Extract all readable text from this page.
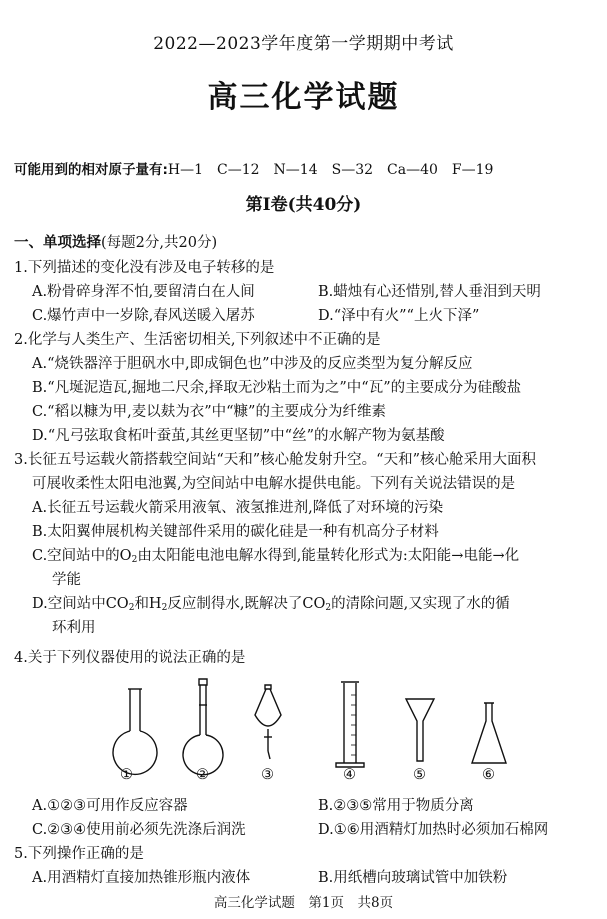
2022—2023学年度第一学期期中考试
高三化学试题
可能用到的相对原子量有:H—1　C—12　N—14　S—32　Ca—40　F—19
第Ⅰ卷(共40分)
一、单项选择(每题2分,共20分)
1.下列描述的变化没有涉及电子转移的是
A.粉骨碎身浑不怕,要留清白在人间	B.蜡烛有心还惜别,替人垂泪到天明
C.爆竹声中一岁除,春风送暖入屠苏	D.“泽中有火”“上火下泽”
2.化学与人类生产、生活密切相关,下列叙述中不正确的是
A.“烧铁器淬于胆矾水中,即成铜色也”中涉及的反应类型为复分解反应
B.“凡埏泥造瓦,掘地二尺余,择取无沙粘土而为之”中“瓦”的主要成分为硅酸盐
C.“稻以糠为甲,麦以麸为衣”中“糠”的主要成分为纤维素
D.“凡弓弦取食柘叶蚕茧,其丝更坚韧”中“丝”的水解产物为氨基酸
3.长征五号运载火箭搭载空间站“天和”核心舱发射升空。“天和”核心舱采用大面积
可展收柔性太阳电池翼,为空间站中电解水提供电能。下列有关说法错误的是
A.长征五号运载火箭采用液氧、液氢推进剂,降低了对环境的污染
B.太阳翼伸展机构关键部件采用的碳化硅是一种有机高分子材料
C.空间站中的$O_2$由太阳能电池电解水得到,能量转化形式为:太阳能→电能→化
学能
D.空间站中$CO_2$和$H_2$反应制得水,既解决了$CO_2$的清除问题,又实现了水的循
环利用
4.关于下列仪器使用的说法正确的是
①	②	③	④	⑤	⑥
A.①②③可用作反应容器	B.②③⑤常用于物质分离
C.②③④使用前必须先洗涤后润洗	D.①⑥用酒精灯加热时必须加石棉网
5.下列操作正确的是
A.用酒精灯直接加热锥形瓶内液体	B.用纸槽向玻璃试管中加铁粉
高三化学试题　第1页　共8页
